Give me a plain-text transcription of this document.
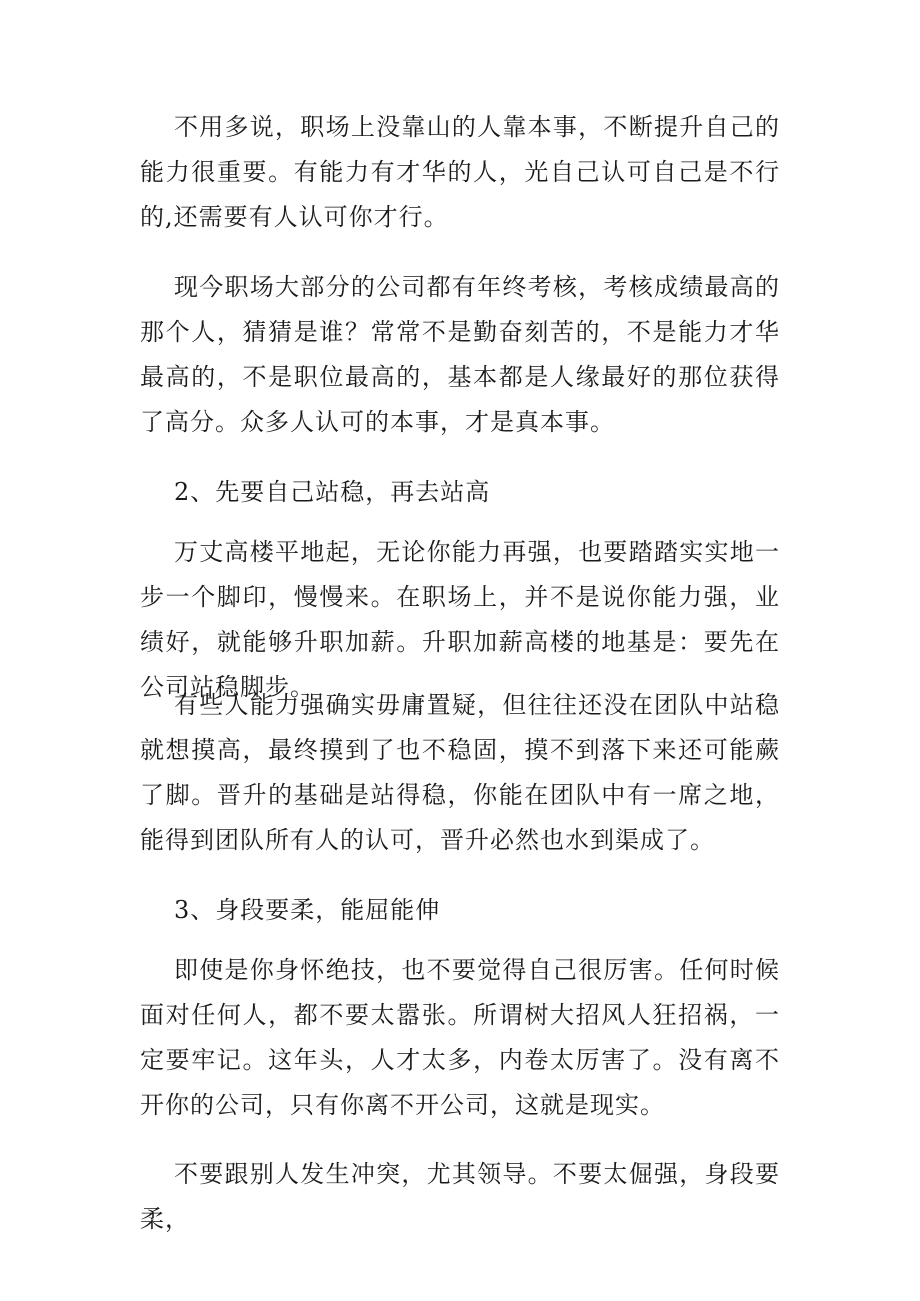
不用多说，职场上没靠山的人靠本事，不断提升自己的能力很重要。有能力有才华的人，光自己认可自己是不行的,还需要有人认可你才行。

现今职场大部分的公司都有年终考核，考核成绩最高的那个人，猜猜是谁？常常不是勤奋刻苦的，不是能力才华最高的，不是职位最高的，基本都是人缘最好的那位获得了高分。众多人认可的本事，才是真本事。

2、先要自己站稳，再去站高

万丈高楼平地起，无论你能力再强，也要踏踏实实地一步一个脚印，慢慢来。在职场上，并不是说你能力强，业绩好，就能够升职加薪。升职加薪高楼的地基是：要先在公司站稳脚步。

有些人能力强确实毋庸置疑，但往往还没在团队中站稳就想摸高，最终摸到了也不稳固，摸不到落下来还可能蕨了脚。晋升的基础是站得稳，你能在团队中有一席之地，能得到团队所有人的认可，晋升必然也水到渠成了。

3、身段要柔，能屈能伸

即使是你身怀绝技，也不要觉得自己很厉害。任何时候面对任何人，都不要太嚣张。所谓树大招风人狂招祸，一定要牢记。这年头，人才太多，内卷太厉害了。没有离不开你的公司，只有你离不开公司，这就是现实。

不要跟别人发生冲突，尤其领导。不要太倔强，身段要柔，
